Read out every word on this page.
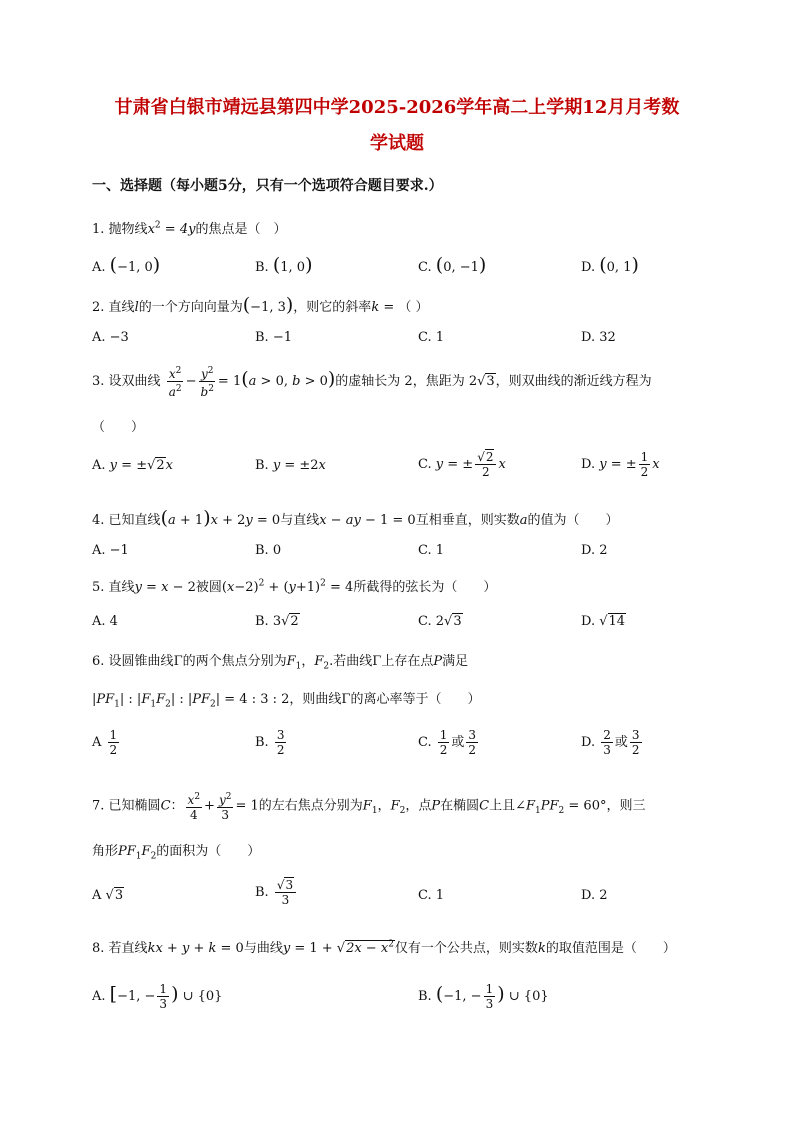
甘肃省白银市靖远县第四中学2025-2026学年高二上学期12月月考数
学试题
一、选择题（每小题5分，只有一个选项符合题目要求.）
1. 抛物线$x^2 = 4y$的焦点是（　）
A. (−1, 0)	B. (1, 0)	C. (0, −1)	D. (0, 1)
2. 直线l的一个方向向量为(−1, 3)，则它的斜率k = （ ）
A. −3	B. −1	C. 1	D. 32
3. 设双曲线 $\frac{x^2}{a^2} - \frac{y^2}{b^2} = 1(a > 0$, b > 0)的虚轴长为 2，焦距为 2√3，则双曲线的渐近线方程为
（　　）
A. y = ±√2x	B. y = ±2x	C. y = ± $\frac{√2}{2}$ x	D. y = ± $\frac{1}{2}$ x
4. 已知直线(a + 1)x + 2y = 0与直线x − ay − 1 = 0互相垂直，则实数a的值为（　　）
A. −1	B. 0	C. 1	D. 2
5. 直线y = x − 2被圆$(x-2)^2 + (y+1)^2 = 4$所截得的弦长为（　　）
A. 4	B. 3√2	C. 2√3	D. √14
6. 设圆锥曲线Γ的两个焦点分别为$F_1$，$F_2$.若曲线Γ上存在点P满足
$|PF_1|$ : $|F_1F_2|$ : $|PF_2| = 4$ : 3 : 2，则曲线Γ的离心率等于（　　）
A $\frac{1}{2}$	B. $\frac{3}{2}$	C. $\frac{1}{2}$ 或 $\frac{3}{2}$	D. $\frac{2}{3}$ 或 $\frac{3}{2}$
7. 已知椭圆C： $\frac{x^2}{4} + \frac{y^2}{3} = 1$的左右焦点分别为$F_1$，$F_2$，点P在椭圆C上且$\angle F_1PF_2 = 60^\circ$，则三
角形$PF_1F_2$的面积为（　　）
A √3	B. $\frac{√3}{3}$	C. 1	D. 2
8. 若直线kx + y + k = 0与曲线$y = 1 + √2x - x^2$仅有一个公共点，则实数k的取值范围是（　　）
A. [−1, − $\frac{1}{3}$ ) ∪ {0}	B. (−1, − $\frac{1}{3}$ ) ∪ {0}
